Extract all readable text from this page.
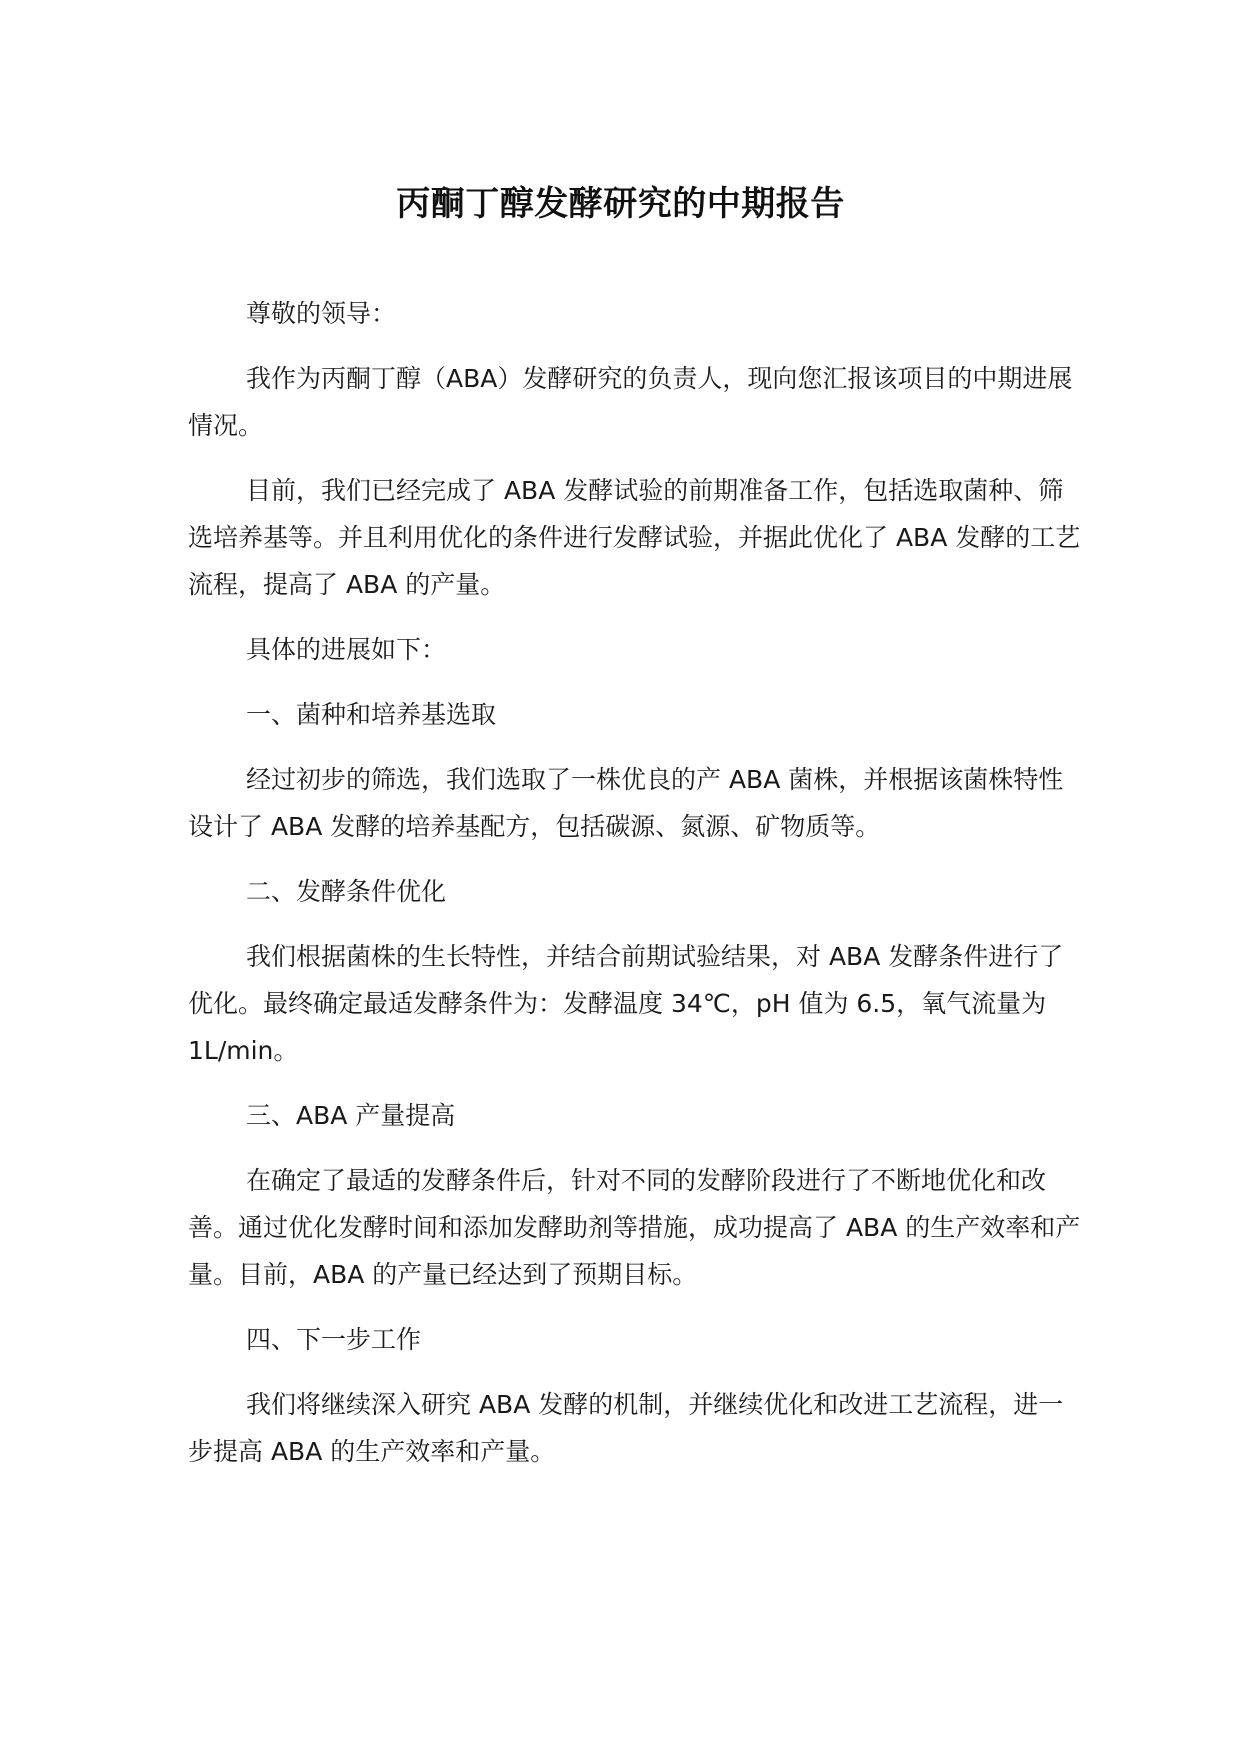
丙酮丁醇发酵研究的中期报告

尊敬的领导：

我作为丙酮丁醇（ABA）发酵研究的负责人，现向您汇报该项目的中期进展情况。

目前，我们已经完成了 ABA 发酵试验的前期准备工作，包括选取菌种、筛选培养基等。并且利用优化的条件进行发酵试验，并据此优化了 ABA 发酵的工艺流程，提高了 ABA 的产量。

具体的进展如下：

一、菌种和培养基选取

经过初步的筛选，我们选取了一株优良的产 ABA 菌株，并根据该菌株特性设计了 ABA 发酵的培养基配方，包括碳源、氮源、矿物质等。

二、发酵条件优化

我们根据菌株的生长特性，并结合前期试验结果，对 ABA 发酵条件进行了优化。最终确定最适发酵条件为：发酵温度 34℃，pH 值为 6.5，氧气流量为 1L/min。

三、ABA 产量提高

在确定了最适的发酵条件后，针对不同的发酵阶段进行了不断地优化和改善。通过优化发酵时间和添加发酵助剂等措施，成功提高了 ABA 的生产效率和产量。目前，ABA 的产量已经达到了预期目标。

四、下一步工作

我们将继续深入研究 ABA 发酵的机制，并继续优化和改进工艺流程，进一步提高 ABA 的生产效率和产量。
